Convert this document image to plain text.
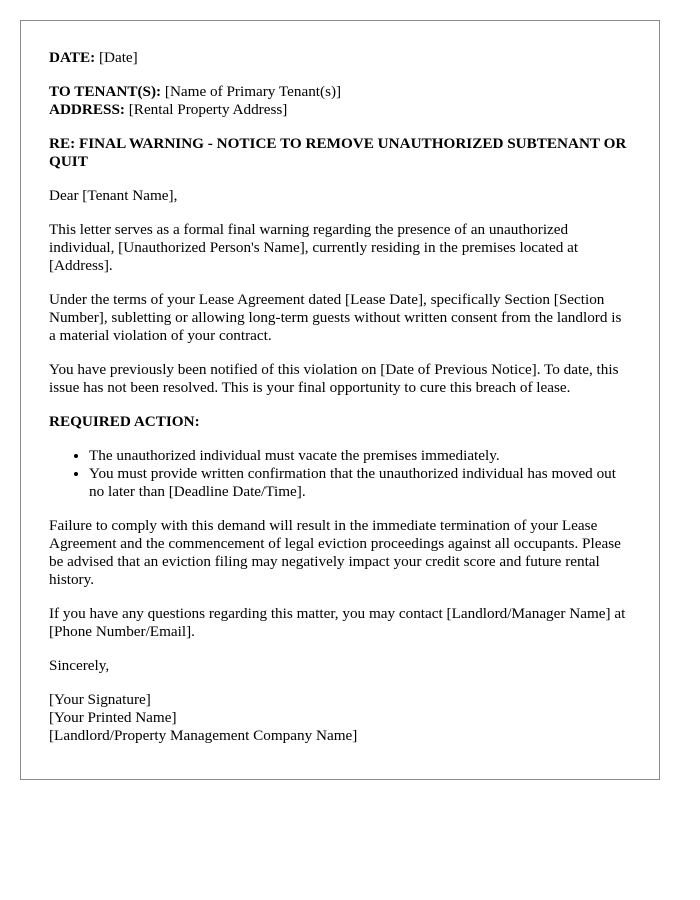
DATE: [Date]

TO TENANT(S): [Name of Primary Tenant(s)]
ADDRESS: [Rental Property Address]

RE: FINAL WARNING - NOTICE TO REMOVE UNAUTHORIZED SUBTENANT OR QUIT

Dear [Tenant Name],

This letter serves as a formal final warning regarding the presence of an unauthorized individual, [Unauthorized Person's Name], currently residing in the premises located at [Address].

Under the terms of your Lease Agreement dated [Lease Date], specifically Section [Section Number], subletting or allowing long-term guests without written consent from the landlord is a material violation of your contract.

You have previously been notified of this violation on [Date of Previous Notice]. To date, this issue has not been resolved. This is your final opportunity to cure this breach of lease.

REQUIRED ACTION:

• The unauthorized individual must vacate the premises immediately.
• You must provide written confirmation that the unauthorized individual has moved out no later than [Deadline Date/Time].

Failure to comply with this demand will result in the immediate termination of your Lease Agreement and the commencement of legal eviction proceedings against all occupants. Please be advised that an eviction filing may negatively impact your credit score and future rental history.

If you have any questions regarding this matter, you may contact [Landlord/Manager Name] at [Phone Number/Email].

Sincerely,

[Your Signature]
[Your Printed Name]
[Landlord/Property Management Company Name]
